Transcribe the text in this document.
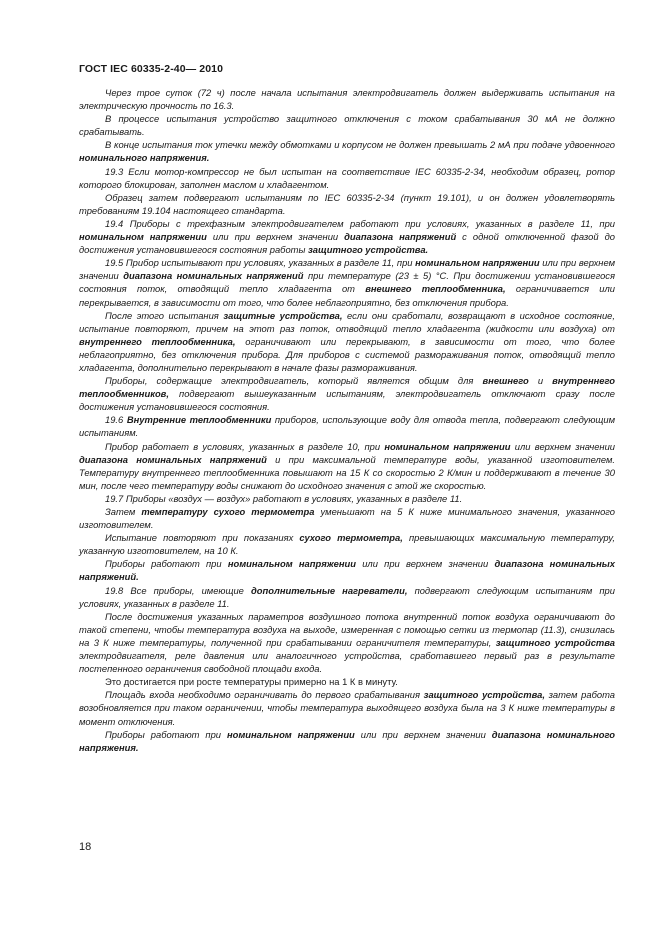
ГОСТ IEC 60335-2-40— 2010

Через трое суток (72 ч) после начала испытания электродвигатель должен выдерживать испытания на электрическую прочность по 16.3.

В процессе испытания устройство защитного отключения с током срабатывания 30 мА не должно срабатывать.

В конце испытания ток утечки между обмотками и корпусом не должен превышать 2 мА при подаче удвоенного номинального напряжения.

19.3 Если мотор-компрессор не был испытан на соответствие IEC 60335-2-34, необходим образец, ротор которого блокирован, заполнен маслом и хладагентом.

Образец затем подвергают испытаниям по IEC 60335-2-34 (пункт 19.101), и он должен удовлетворять требованиям 19.104 настоящего стандарта.

19.4 Приборы с трехфазным электродвигателем работают при условиях, указанных в разделе 11, при номинальном напряжении или при верхнем значении диапазона напряжений с одной отключенной фазой до достижения установившегося состояния работы защитного устройства.

19.5 Прибор испытывают при условиях, указанных в разделе 11, при номинальном напряжении или при верхнем значении диапазона номинальных напряжений при температуре (23 ± 5) °С. При достижении установившегося состояния поток, отводящий тепло хладагента от внешнего теплообменника, ограничивается или перекрывается, в зависимости от того, что более неблагоприятно, без отключения прибора.

После этого испытания защитные устройства, если они сработали, возвращают в исходное состояние, испытание повторяют, причем на этот раз поток, отводящий тепло хладагента (жидкости или воздуха) от внутреннего теплообменника, ограничивают или перекрывают, в зависимости от того, что более неблагоприятно, без отключения прибора. Для приборов с системой размораживания поток, отводящий тепло хладагента, дополнительно перекрывают в начале фазы размораживания.

Приборы, содержащие электродвигатель, который является общим для внешнего и внутреннего теплообменников, подвергают вышеуказанным испытаниям, электродвигатель отключают сразу после достижения установившегося состояния.

19.6 Внутренние теплообменники приборов, использующие воду для отвода тепла, подвергают следующим испытаниям.

Прибор работает в условиях, указанных в разделе 10, при номинальном напряжении или верхнем значении диапазона номинальных напряжений и при максимальной температуре воды, указанной изготовителем. Температуру внутреннего теплообменника повышают на 15 К со скоростью 2 К/мин и поддерживают в течение 30 мин, после чего температуру воды снижают до исходного значения с этой же скоростью.

19.7 Приборы «воздух — воздух» работают в условиях, указанных в разделе 11.

Затем температуру сухого термометра уменьшают на 5 К ниже минимального значения, указанного изготовителем.

Испытание повторяют при показаниях сухого термометра, превышающих максимальную температуру, указанную изготовителем, на 10 К.

Приборы работают при номинальном напряжении или при верхнем значении диапазона номинальных напряжений.

19.8 Все приборы, имеющие дополнительные нагреватели, подвергают следующим испытаниям при условиях, указанных в разделе 11.

После достижения указанных параметров воздушного потока внутренний поток воздуха ограничивают до такой степени, чтобы температура воздуха на выходе, измеренная с помощью сетки из термопар (11.3), снизилась на 3 К ниже температуры, полученной при срабатывании ограничителя температуры, защитного устройства электродвигателя, реле давления или аналогичного устройства, сработавшего первый раз в результате постепенного ограничения свободной площади входа.

Это достигается при росте температуры примерно на 1 К в минуту.

Площадь входа необходимо ограничивать до первого срабатывания защитного устройства, затем работа возобновляется при таком ограничении, чтобы температура выходящего воздуха была на 3 К ниже температуры в момент отключения.

Приборы работают при номинальном напряжении или при верхнем значении диапазона номинального напряжения.

18
